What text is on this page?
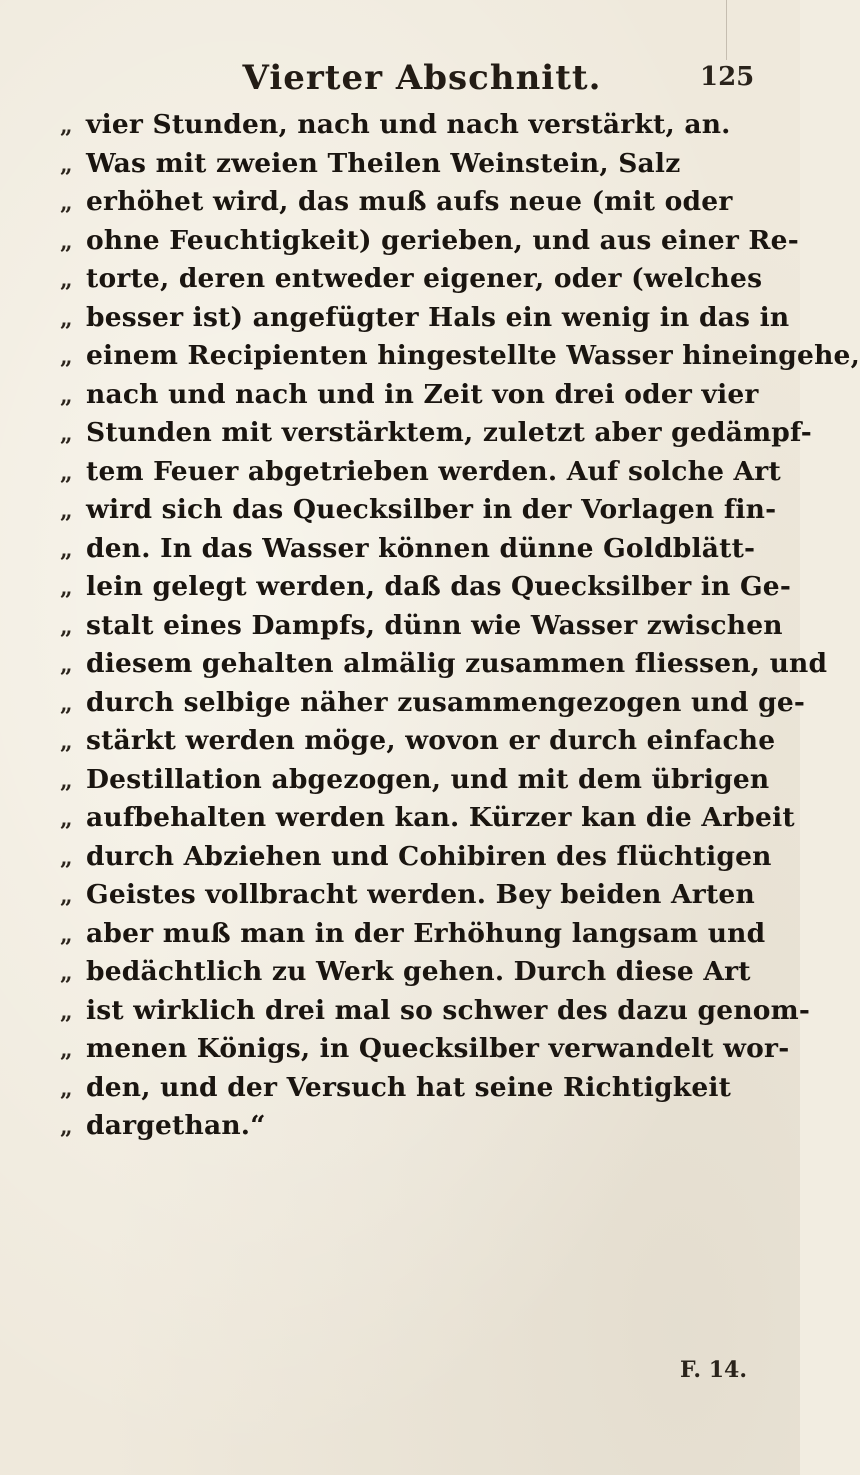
Vierter Abschnitt.	125
„ vier Stunden, nach und nach verstärkt, an.
„ Was mit zweien Theilen Weinstein, Salz
„ erhöhet wird, das muß aufs neue (mit oder
„ ohne Feuchtigkeit) gerieben, und aus einer Re-
„ torte, deren entweder eigener, oder (welches
„ besser ist) angefügter Hals ein wenig in das in
„ einem Recipienten hingestellte Wasser hineingehe,
„ nach und nach und in Zeit von drei oder vier
„ Stunden mit verstärktem, zuletzt aber gedämpf-
„ tem Feuer abgetrieben werden. Auf solche Art
„ wird sich das Quecksilber in der Vorlagen fin-
„ den. In das Wasser können dünne Goldblätt-
„ lein gelegt werden, daß das Quecksilber in Ge-
„ stalt eines Dampfs, dünn wie Wasser zwischen
„ diesem gehalten almälig zusammen fliessen, und
„ durch selbige näher zusammengezogen und ge-
„ stärkt werden möge, wovon er durch einfache
„ Destillation abgezogen, und mit dem übrigen
„ aufbehalten werden kan. Kürzer kan die Arbeit
„ durch Abziehen und Cohibiren des flüchtigen
„ Geistes vollbracht werden. Bey beiden Arten
„ aber muß man in der Erhöhung langsam und
„ bedächtlich zu Werk gehen. Durch diese Art
„ ist wirklich drei mal so schwer des dazu genom-
„ menen Königs, in Quecksilber verwandelt wor-
„ den, und der Versuch hat seine Richtigkeit
„ dargethan.“
F. 14.
